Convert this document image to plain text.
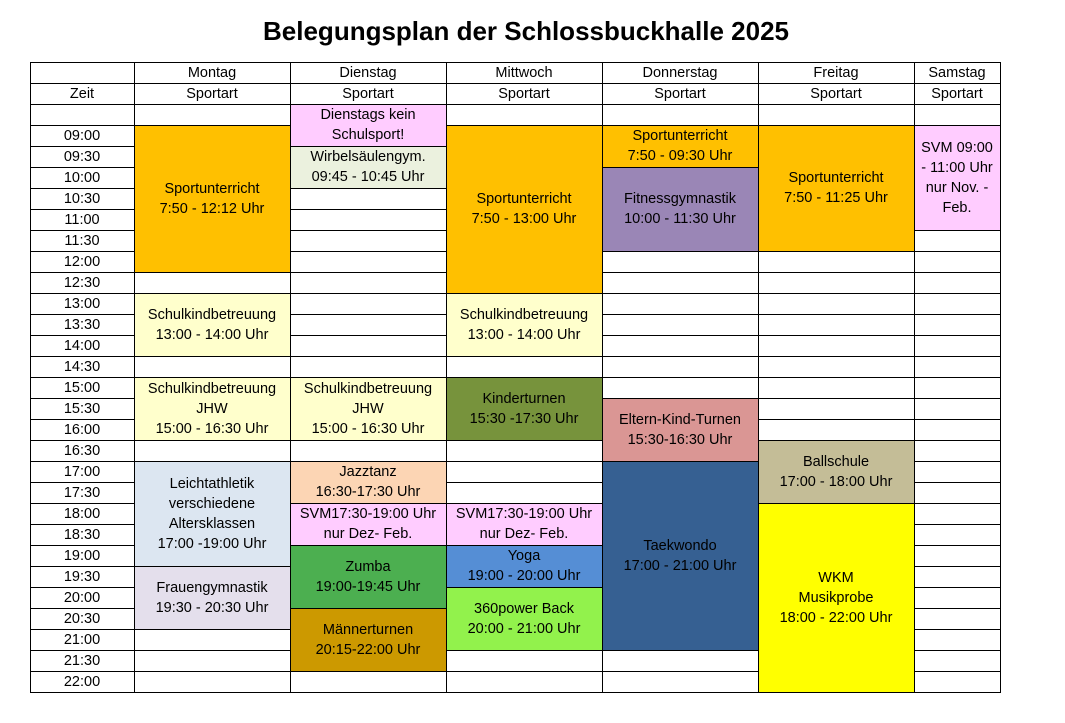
Belegungsplan der Schlossbuckhalle 2025
Sportunterricht
7:50 - 12:12 Uhr
Schulkindbetreuung
13:00 - 14:00 Uhr
Schulkindbetreuung
JHW
15:00 - 16:30 Uhr
Leichtathletik
verschiedene
Altersklassen
17:00 -19:00 Uhr
Frauengymnastik
19:30 - 20:30 Uhr
Dienstags kein
Schulsport!
Wirbelsäulengym.
09:45 - 10:45 Uhr
Schulkindbetreuung
JHW
15:00 - 16:30 Uhr
Jazztanz
16:30-17:30 Uhr
SVM17:30-19:00 Uhr
nur Dez- Feb.
Zumba
19:00-19:45 Uhr
Männerturnen
20:15-22:00 Uhr
Sportunterricht
7:50 - 13:00 Uhr
Schulkindbetreuung
13:00 - 14:00 Uhr
Kinderturnen
15:30 -17:30 Uhr
SVM17:30-19:00 Uhr
nur Dez- Feb.
Yoga
19:00 - 20:00 Uhr
360power Back
20:00 - 21:00 Uhr
Sportunterricht
7:50 - 09:30 Uhr
Fitnessgymnastik
10:00 - 11:30 Uhr
Eltern-Kind-Turnen
15:30-16:30 Uhr
Taekwondo
17:00 - 21:00 Uhr
Sportunterricht
7:50 - 11:25 Uhr
Ballschule
17:00 - 18:00 Uhr
WKM
Musikprobe
18:00 - 22:00 Uhr
SVM 09:00
- 11:00 Uhr
nur Nov. -
Feb.
Montag
Sportart
Dienstag
Sportart
Mittwoch
Sportart
Donnerstag
Sportart
Freitag
Sportart
Samstag
Sportart
Zeit
09:00
09:30
10:00
10:30
11:00
11:30
12:00
12:30
13:00
13:30
14:00
14:30
15:00
15:30
16:00
16:30
17:00
17:30
18:00
18:30
19:00
19:30
20:00
20:30
21:00
21:30
22:00
